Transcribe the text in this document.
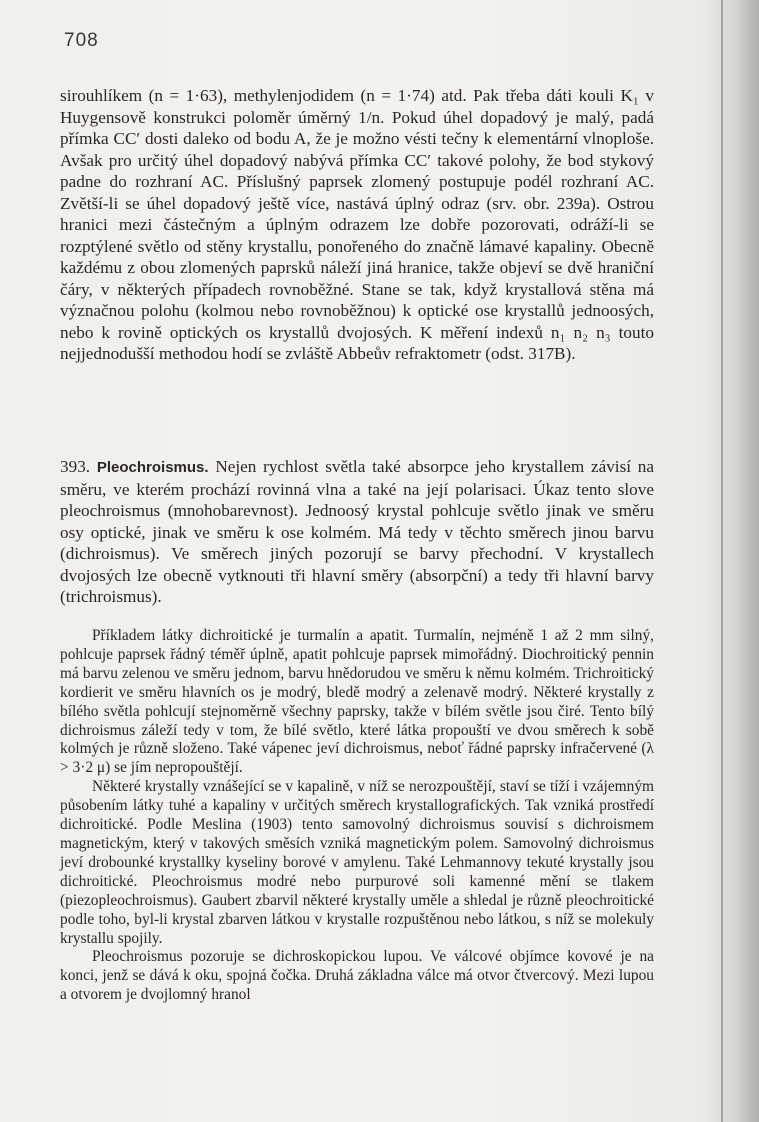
708

sirouhlíkem (n = 1·63), methylenjodidem (n = 1·74) atd. Pak třeba dáti kouli K₁ v Huygensově konstrukci poloměr úměrný 1/n. Pokud úhel dopadový je malý, padá přímka CC′ dosti daleko od bodu A, že je možno vésti tečny k elementární vlnoploše. Avšak pro určitý úhel dopadový nabývá přímka CC′ takové polohy, že bod stykový padne do rozhraní AC. Příslušný paprsek zlomený postupuje podél rozhraní AC. Zvětší-li se úhel dopadový ještě více, nastává úplný odraz (srv. obr. 239a). Ostrou hranici mezi částečným a úplným odrazem lze dobře pozorovati, odráží-li se rozptýlené světlo od stěny krystallu, ponořeného do značně lámavé kapaliny. Obecně každému z obou zlomených paprsků náleží jiná hranice, takže objeví se dvě hraniční čáry, v některých případech rovnoběžné. Stane se tak, když krystallová stěna má význačnou polohu (kolmou nebo rovnoběžnou) k optické ose krystallů jednoosých, nebo k rovině optických os krystallů dvojosých. K měření indexů n₁ n₂ n₃ touto nejjednodušší methodou hodí se zvláště Abbeův refraktometr (odst. 317B).

393. Pleochroismus. Nejen rychlost světla také absorpce jeho krystallem závisí na směru, ve kterém prochází rovinná vlna a také na její polarisaci. Úkaz tento slove pleochroismus (mnohobarevnost). Jednoosý krystal pohlcuje světlo jinak ve směru osy optické, jinak ve směru k ose kolmém. Má tedy v těchto směrech jinou barvu (dichroismus). Ve směrech jiných pozorují se barvy přechodní. V krystallech dvojosých lze obecně vytknouti tři hlavní směry (absorpční) a tedy tři hlavní barvy (trichroismus).

Příkladem látky dichroitické je turmalín a apatit. Turmalín, nejméně 1 až 2 mm silný, pohlcuje paprsek řádný téměř úplně, apatit pohlcuje paprsek mimořádný. Diochroitický pennin má barvu zelenou ve směru jednom, barvu hnědorudou ve směru k němu kolmém. Trichroitický kordierit ve směru hlavních os je modrý, bledě modrý a zelenavě modrý. Některé krystally z bílého světla pohlcují stejnoměrně všechny paprsky, takže v bílém světle jsou čiré. Tento bílý dichroismus záleží tedy v tom, že bílé světlo, které látka propouští ve dvou směrech k sobě kolmých je různě složeno. Také vápenec jeví dichroismus, neboť řádné paprsky infračervené (λ > 3·2 μ) se jím nepropouštějí.

Některé krystally vznášející se v kapalině, v níž se nerozpouštějí, staví se tíží i vzájemným působením látky tuhé a kapaliny v určitých směrech krystallografických. Tak vzniká prostředí dichroitické. Podle Meslina (1903) tento samovolný dichroismus souvisí s dichroismem magnetickým, který v takových směsích vzniká magnetickým polem. Samovolný dichroismus jeví drobounké krystallky kyseliny borové v amylenu. Také Lehmannovy tekuté krystally jsou dichroitické. Pleochroismus modré nebo purpurové soli kamenné mění se tlakem (piezopleochroismus). Gaubert zbarvil některé krystally uměle a shledal je různě pleochroitické podle toho, byl-li krystal zbarven látkou v krystalle rozpuštěnou nebo látkou, s níž se molekuly krystallu spojily.

Pleochroismus pozoruje se dichroskopickou lupou. Ve válcové objímce kovové je na konci, jenž se dává k oku, spojná čočka. Druhá základna válce má otvor čtvercový. Mezi lupou a otvorem je dvojlomný hranol
